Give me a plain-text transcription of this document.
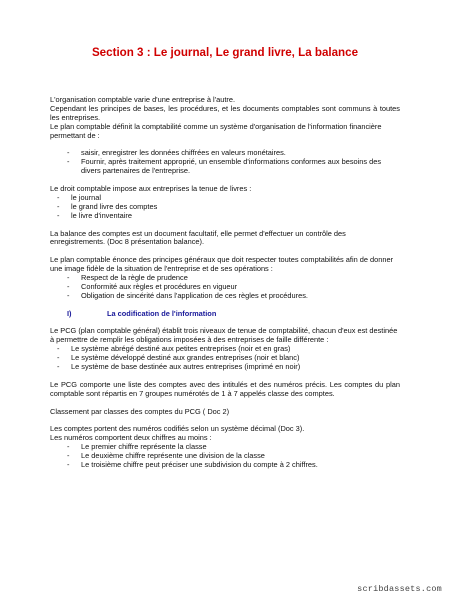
Section 3 : Le journal, Le grand livre, La balance

L'organisation comptable varie d'une entreprise à l'autre.

Cependant les principes de bases, les procédures, et les documents comptables sont communs à toutes les entreprises.

Le plan comptable définit la comptabilité comme un système d'organisation de l'information financière permettant de :

-	saisir, enregistrer les données chiffrées en valeurs monétaires.
-	Fournir, après traitement approprié, un ensemble d'informations conformes aux besoins des divers partenaires de l'entreprise.

Le droit comptable impose aux entreprises la tenue de livres :

-	le journal
-	le grand livre des comptes
-	le livre d'inventaire

La balance des comptes est un document facultatif, elle permet d'effectuer un contrôle des enregistrements. (Doc 8 présentation balance).

Le plan comptable énonce des principes généraux que doit respecter toutes comptabilités afin de donner une image fidèle de la situation de l'entreprise et de ses opérations :

-	Respect de la règle de prudence
-	Conformité aux règles et procédures en vigueur
-	Obligation de sincérité dans l'application de ces règles et procédures.

I)	La codification de l'information

Le PCG (plan comptable général) établit trois niveaux de tenue de comptabilité, chacun d'eux est destinée à permettre de remplir les obligations imposées à des entreprises de faille différente :

-	Le système abrégé destiné aux petites entreprises (noir et en gras)
-	Le système développé destiné aux grandes entreprises (noir et blanc)
-	Le système de base destinée aux autres entreprises (imprimé en noir)

Le PCG comporte une liste des comptes avec des intitulés et des numéros précis. Les comptes du plan comptable sont répartis en 7 groupes numérotés de 1 à 7 appelés classe des comptes.

Classement par classes des comptes du PCG ( Doc 2)

Les comptes portent des numéros codifiés selon un système décimal (Doc 3).

Les numéros comportent deux chiffres au moins :

-	Le premier chiffre représente la classe
-	Le deuxième chiffre représente une division de la classe
-	Le troisième chiffre peut préciser une subdivision du compte à 2 chiffres.
scribdassets.com
